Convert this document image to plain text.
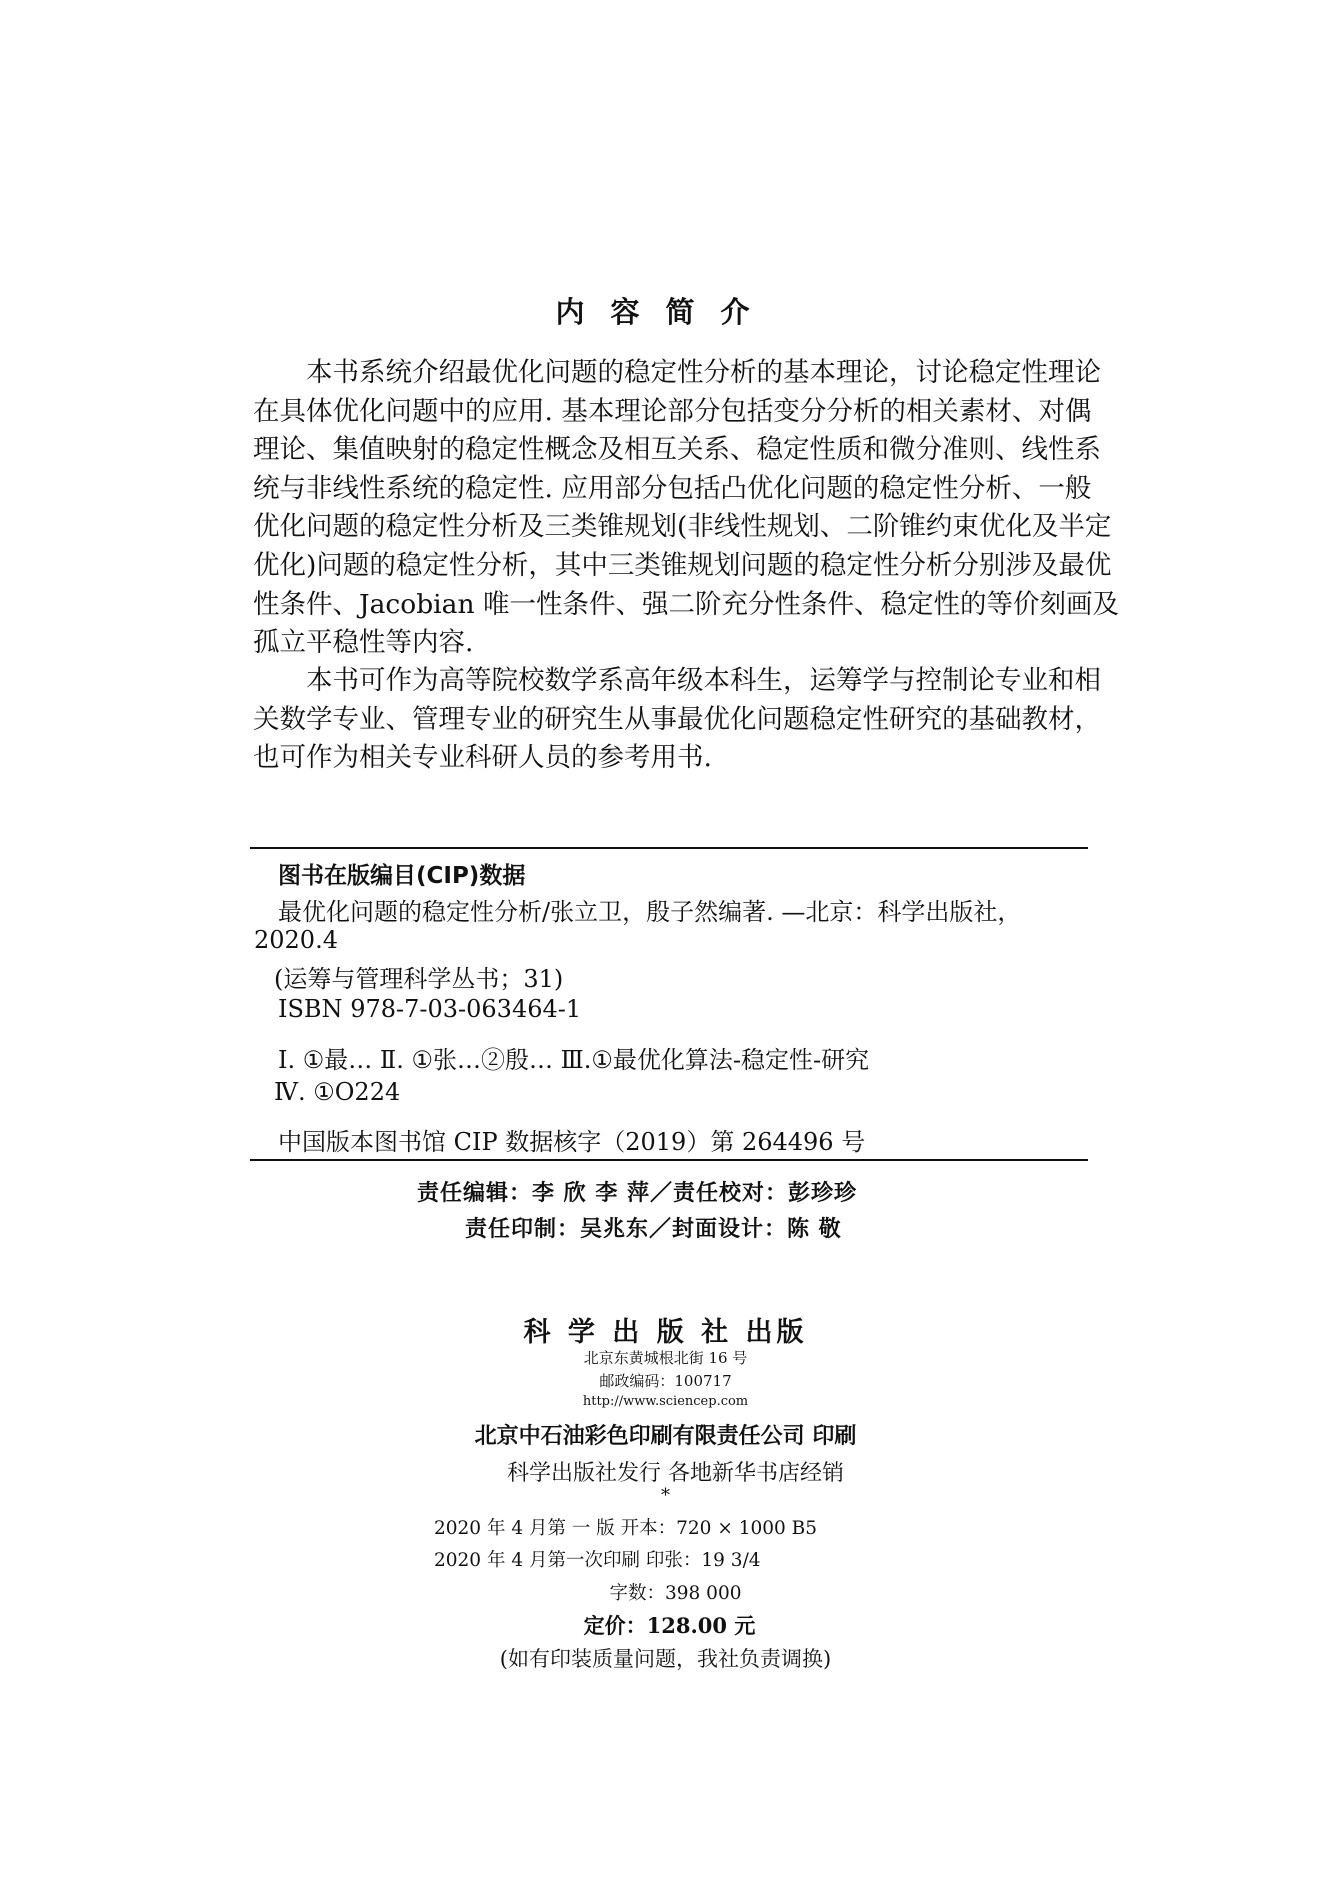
内容简介
本书系统介绍最优化问题的稳定性分析的基本理论，讨论稳定性理论
在具体优化问题中的应用. 基本理论部分包括变分分析的相关素材、对偶
理论、集值映射的稳定性概念及相互关系、稳定性质和微分准则、线性系
统与非线性系统的稳定性. 应用部分包括凸优化问题的稳定性分析、一般
优化问题的稳定性分析及三类锥规划(非线性规划、二阶锥约束优化及半定
优化)问题的稳定性分析，其中三类锥规划问题的稳定性分析分别涉及最优
性条件、Jacobian 唯一性条件、强二阶充分性条件、稳定性的等价刻画及
孤立平稳性等内容.
本书可作为高等院校数学系高年级本科生，运筹学与控制论专业和相
关数学专业、管理专业的研究生从事最优化问题稳定性研究的基础教材，
也可作为相关专业科研人员的参考用书.
图书在版编目(CIP)数据
最优化问题的稳定性分析/张立卫，殷子然编著. —北京：科学出版社，
2020.4
(运筹与管理科学丛书；31)
ISBN 978-7-03-063464-1
Ⅰ. ①最… Ⅱ. ①张…②殷… Ⅲ.①最优化算法-稳定性-研究
Ⅳ. ①O224
中国版本图书馆 CIP 数据核字（2019）第 264496 号
责任编辑：李 欣 李 萍／责任校对：彭珍珍
责任印制：吴兆东／封面设计：陈 敬
科 学 出 版 社 出版
北京东黄城根北街 16 号
邮政编码：100717
http://www.sciencep.com
北京中石油彩色印刷有限责任公司 印刷
科学出版社发行 各地新华书店经销
*
2020 年 4 月第 一 版 开本：720 × 1000 B5
2020 年 4 月第一次印刷 印张：19 3/4
字数：398 000
定价：128.00 元
(如有印装质量问题，我社负责调换)
